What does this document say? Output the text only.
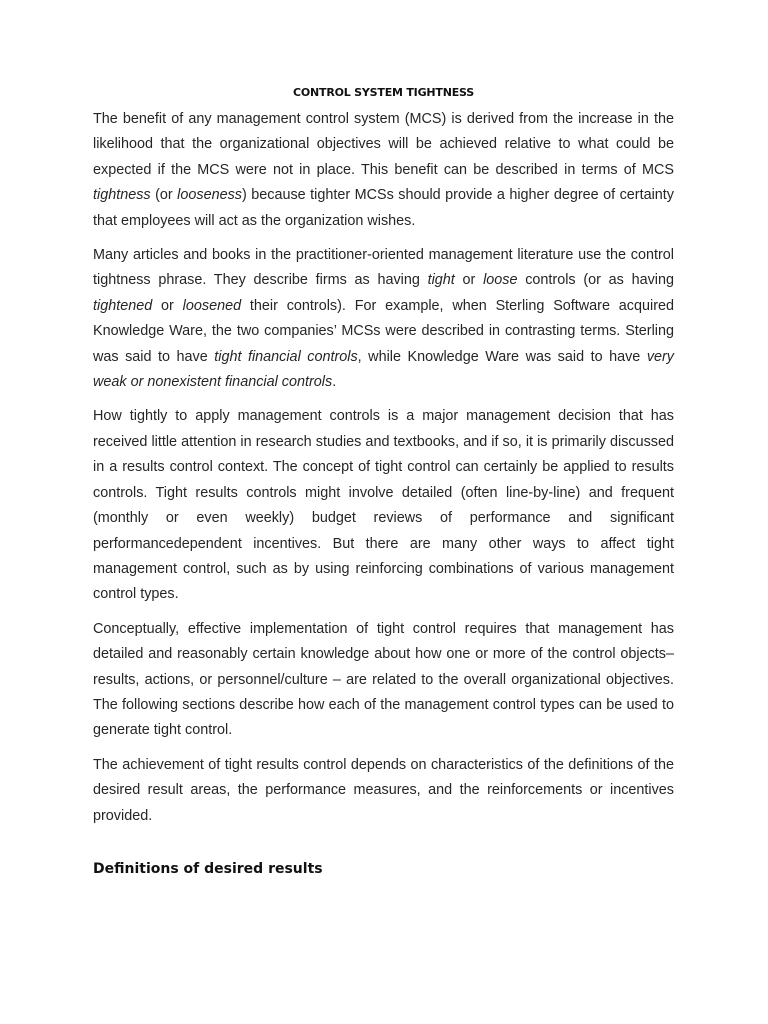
CONTROL SYSTEM TIGHTNESS

The benefit of any management control system (MCS) is derived from the increase in the likelihood that the organizational objectives will be achieved relative to what could be expected if the MCS were not in place. This benefit can be described in terms of MCS tightness (or looseness) because tighter MCSs should provide a higher degree of certainty that employees will act as the organization wishes.

Many articles and books in the practitioner-oriented management literature use the control tightness phrase. They describe firms as having tight or loose controls (or as having tightened or loosened their controls). For example, when Sterling Software acquired Knowledge Ware, the two companies’ MCSs were described in contrasting terms. Sterling was said to have tight financial controls, while Knowledge Ware was said to have very weak or nonexistent financial controls.

How tightly to apply management controls is a major management decision that has received little attention in research studies and textbooks, and if so, it is primarily discussed in a results control context. The concept of tight control can certainly be applied to results controls. Tight results controls might involve detailed (often line-by-line) and frequent (monthly or even weekly) budget reviews of performance and significant performancedependent incentives. But there are many other ways to affect tight management control, such as by using reinforcing combinations of various management control types.

Conceptually, effective implementation of tight control requires that management has detailed and reasonably certain knowledge about how one or more of the control objects– results, actions, or personnel/culture – are related to the overall organizational objectives. The following sections describe how each of the management control types can be used to generate tight control.

The achievement of tight results control depends on characteristics of the definitions of the desired result areas, the performance measures, and the reinforcements or incentives provided.

Definitions of desired results
